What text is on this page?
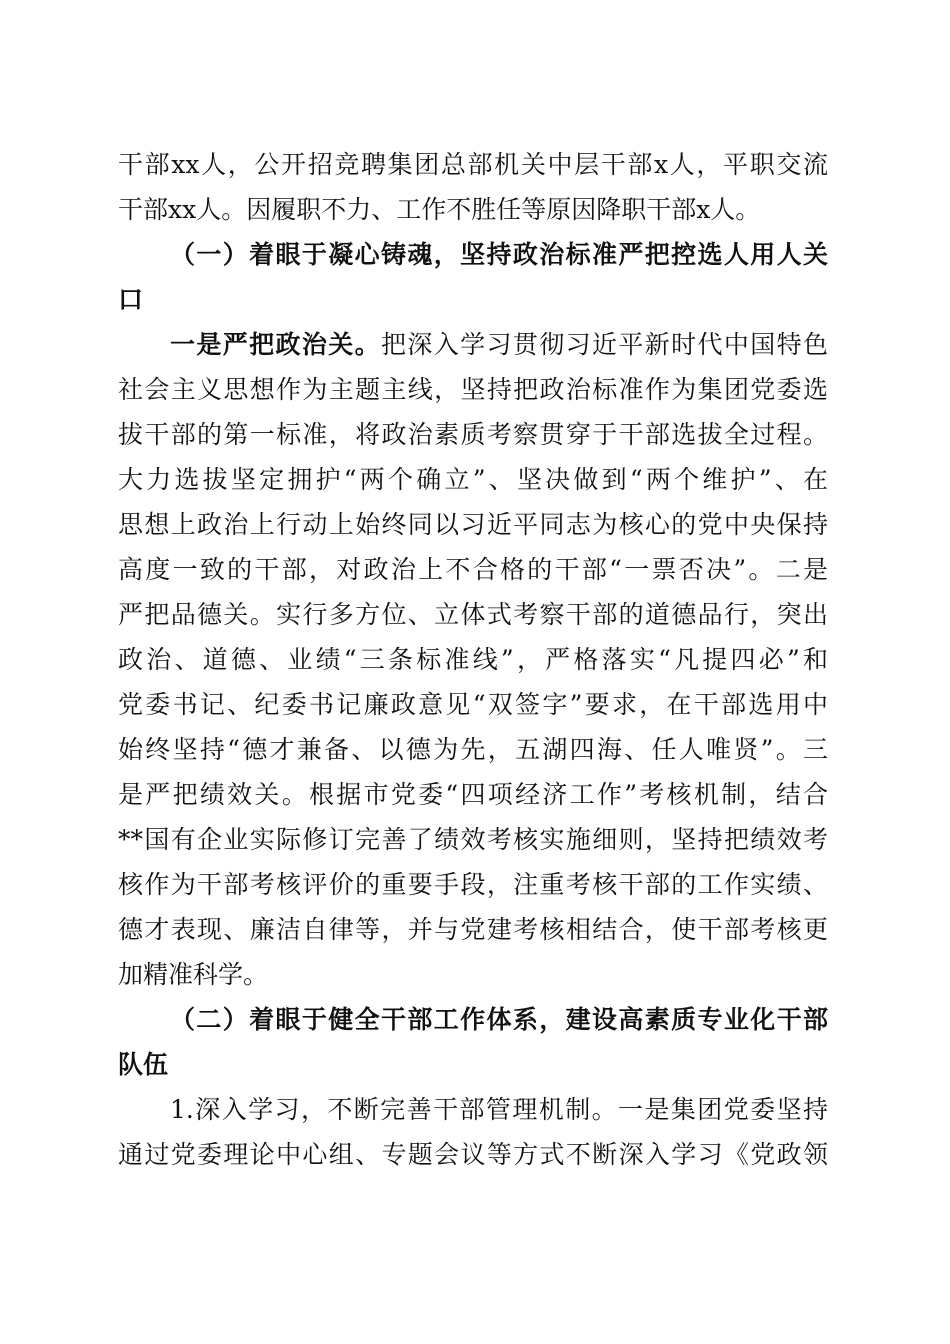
干部xx人，公开招竞聘集团总部机关中层干部x人，平职交流
干部xx人。因履职不力、工作不胜任等原因降职干部x人。
（一）着眼于凝心铸魂，坚持政治标准严把控选人用人关
口
一是严把政治关。把深入学习贯彻习近平新时代中国特色
社会主义思想作为主题主线，坚持把政治标准作为集团党委选
拔干部的第一标准，将政治素质考察贯穿于干部选拔全过程。
大力选拔坚定拥护“两个确立”、坚决做到“两个维护”、在
思想上政治上行动上始终同以习近平同志为核心的党中央保持
高度一致的干部，对政治上不合格的干部“一票否决”。二是
严把品德关。实行多方位、立体式考察干部的道德品行，突出
政治、道德、业绩“三条标准线”，严格落实“凡提四必”和
党委书记、纪委书记廉政意见“双签字”要求，在干部选用中
始终坚持“德才兼备、以德为先，五湖四海、任人唯贤”。三
是严把绩效关。根据市党委“四项经济工作”考核机制，结合
**国有企业实际修订完善了绩效考核实施细则，坚持把绩效考
核作为干部考核评价的重要手段，注重考核干部的工作实绩、
德才表现、廉洁自律等，并与党建考核相结合，使干部考核更
加精准科学。
（二）着眼于健全干部工作体系，建设高素质专业化干部
队伍
1.深入学习，不断完善干部管理机制。一是集团党委坚持
通过党委理论中心组、专题会议等方式不断深入学习《党政领
